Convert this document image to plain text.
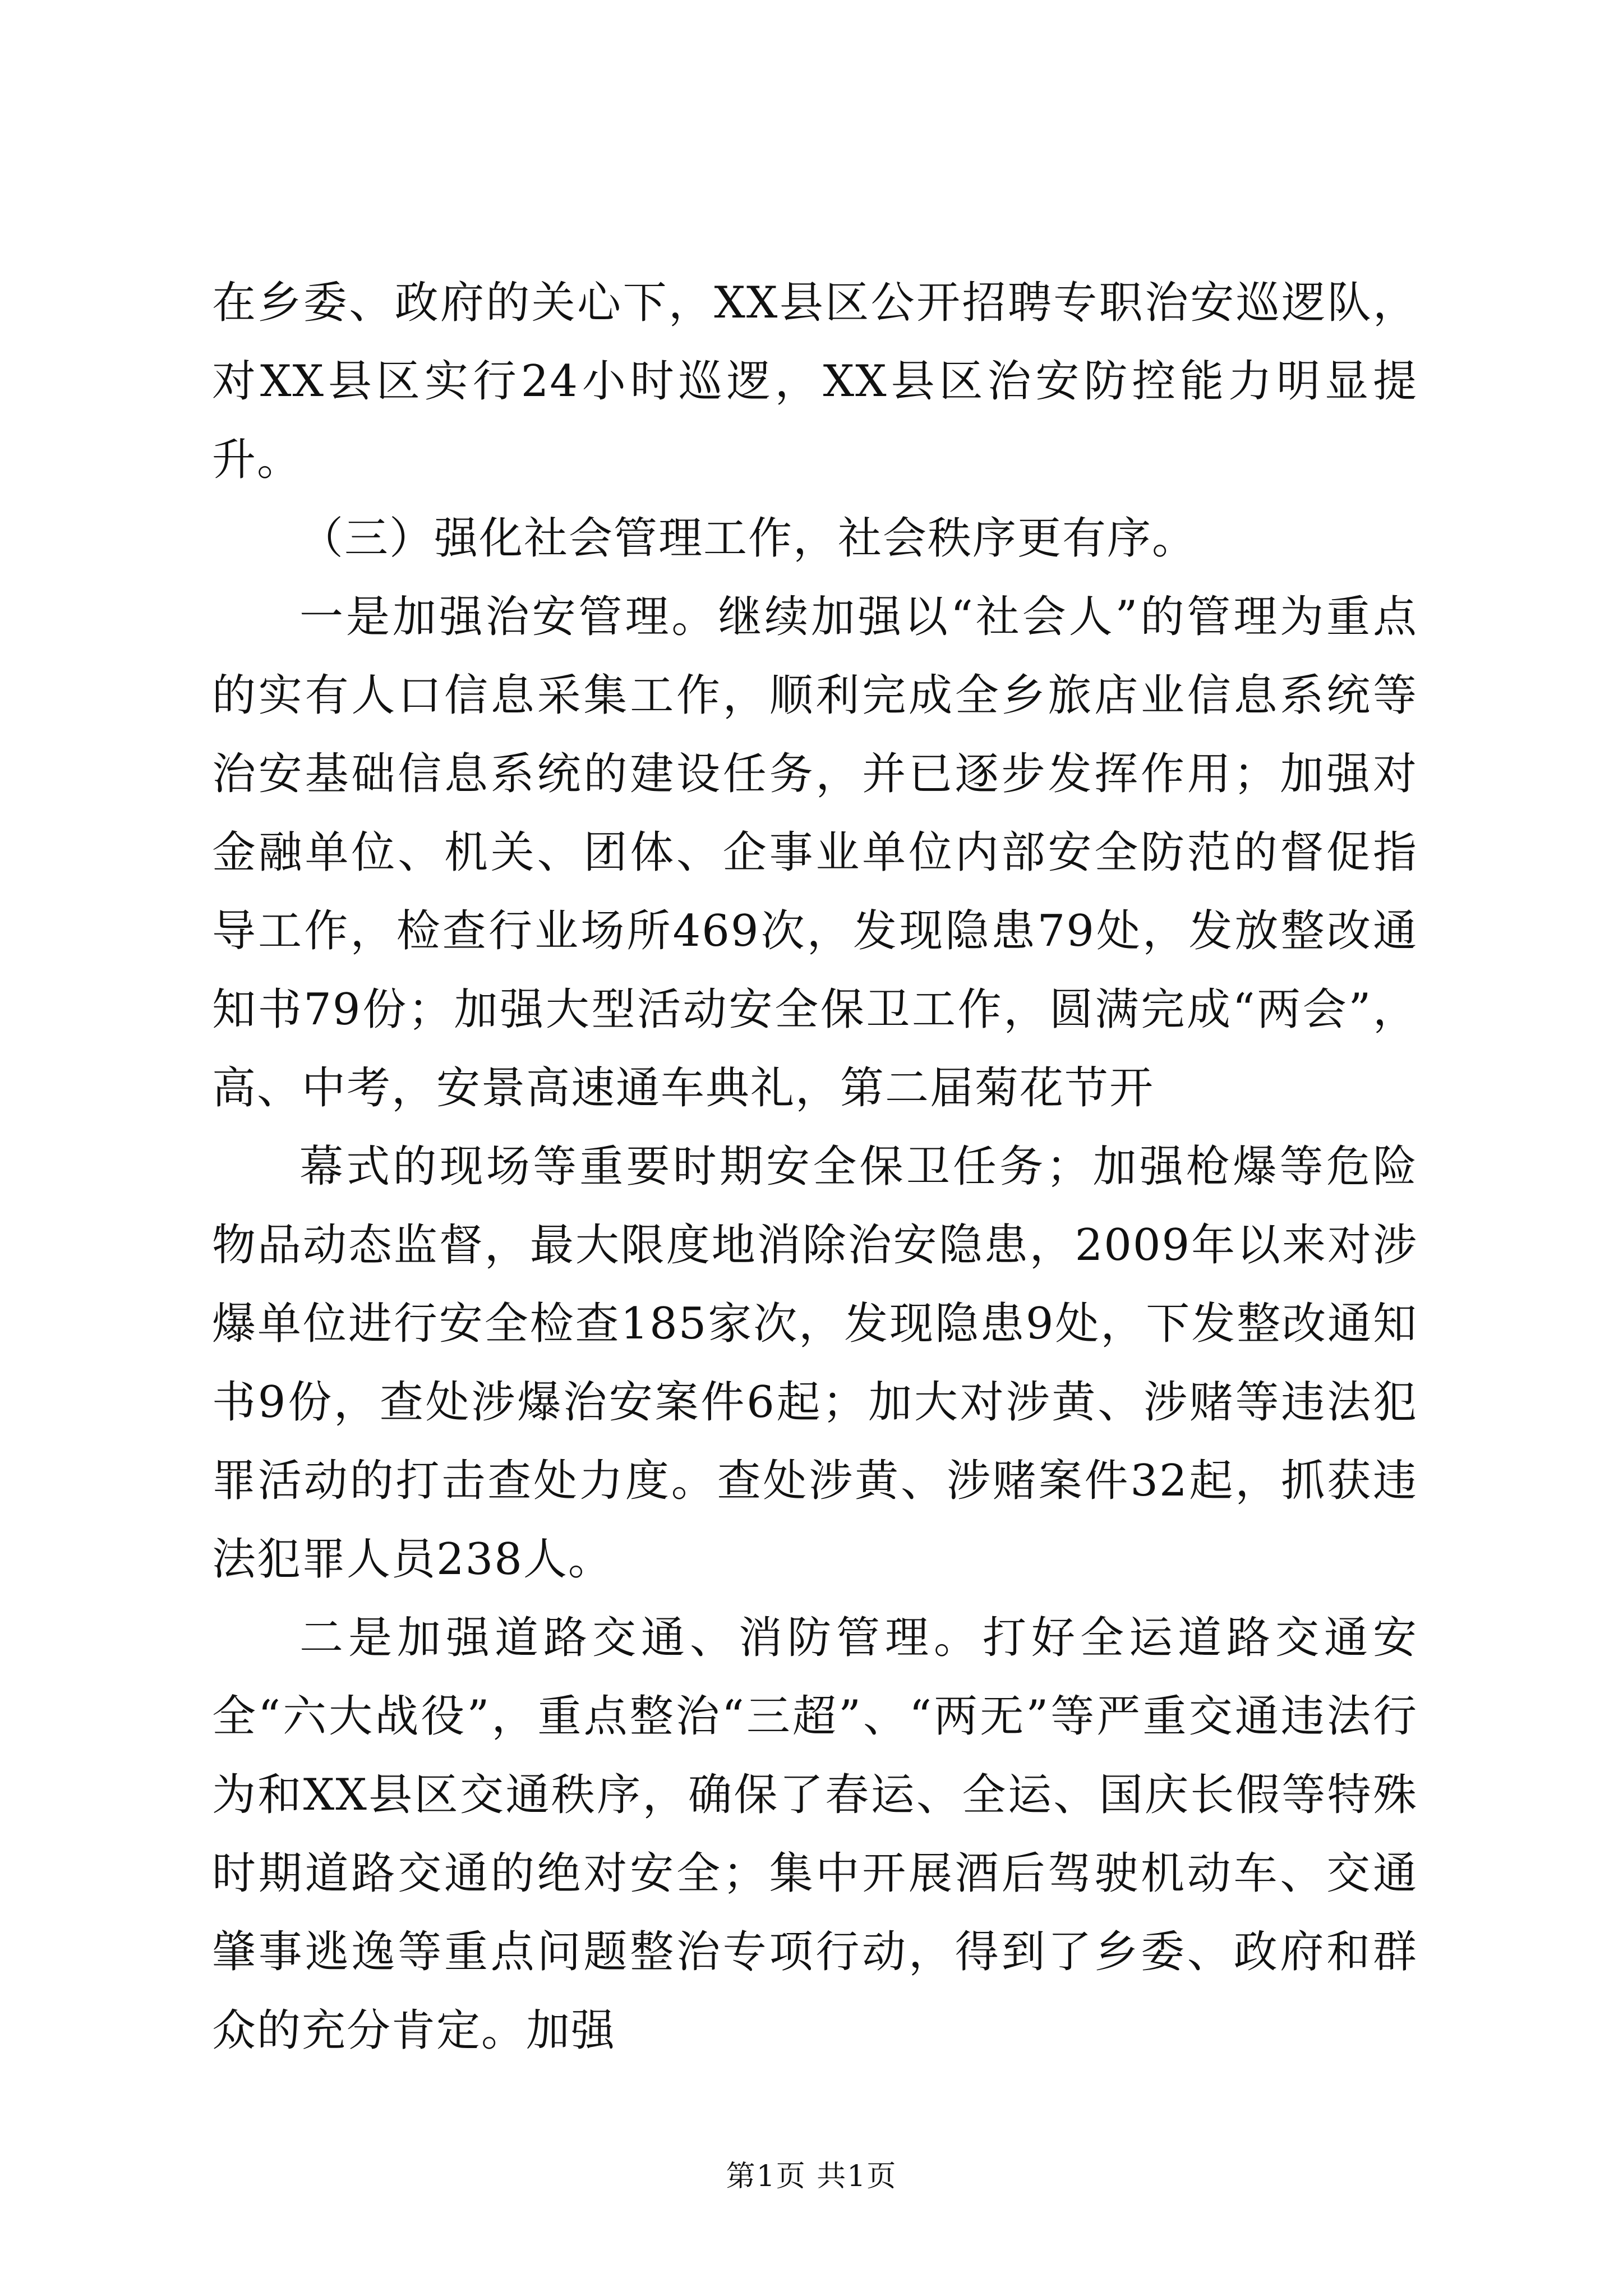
在乡委、政府的关心下，XX县区公开招聘专职治安巡逻队，对XX县区实行24小时巡逻，XX县区治安防控能力明显提升。

（三）强化社会管理工作，社会秩序更有序。

一是加强治安管理。继续加强以“社会人”的管理为重点的实有人口信息采集工作，顺利完成全乡旅店业信息系统等治安基础信息系统的建设任务，并已逐步发挥作用；加强对金融单位、机关、团体、企事业单位内部安全防范的督促指导工作，检查行业场所469次，发现隐患79处，发放整改通知书79份；加强大型活动安全保卫工作，圆满完成“两会”，高、中考，安景高速通车典礼，第二届菊花节开

幕式的现场等重要时期安全保卫任务；加强枪爆等危险物品动态监督，最大限度地消除治安隐患，2009年以来对涉爆单位进行安全检查185家次，发现隐患9处，下发整改通知书9份，查处涉爆治安案件6起；加大对涉黄、涉赌等违法犯罪活动的打击查处力度。查处涉黄、涉赌案件32起，抓获违法犯罪人员238人。

二是加强道路交通、消防管理。打好全运道路交通安全“六大战役”，重点整治“三超”、“两无”等严重交通违法行为和XX县区交通秩序，确保了春运、全运、国庆长假等特殊时期道路交通的绝对安全；集中开展酒后驾驶机动车、交通肇事逃逸等重点问题整治专项行动，得到了乡委、政府和群众的充分肯定。加强

第1页 共1页
